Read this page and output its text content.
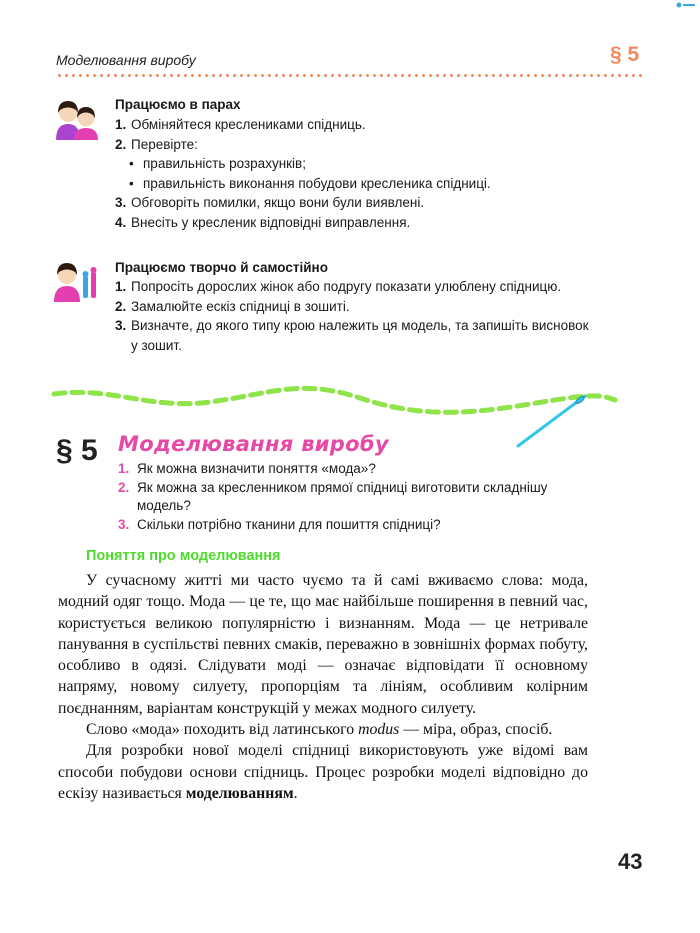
Моделювання виробу	§ 5
Працюємо в парах
1. Обміняйтеся креслениками спідниць.
2. Перевірте:
• правильність розрахунків;
• правильність виконання побудови кресленика спідниці.
3. Обговоріть помилки, якщо вони були виявлені.
4. Внесіть у кресленик відповідні виправлення.
Працюємо творчо й самостійно
1. Попросіть дорослих жінок або подругу показати улюблену спідницю.
2. Замалюйте ескіз спідниці в зошиті.
3. Визначте, до якого типу крою належить ця модель, та запишіть висновок у зошит.
§ 5 Моделювання виробу
1. Як можна визначити поняття «мода»?
2. Як можна за кресленником прямої спідниці виготовити складнішу модель?
3. Скільки потрібно тканини для пошиття спідниці?
Поняття про моделювання

У сучасному житті ми часто чуємо та й самі вживаємо слова: мода, модний одяг тощо. Мода — це те, що має найбільше поширення в певний час, користується великою популярністю і визнанням. Мода — це нетривале панування в суспільстві певних смаків, переважно в зовнішніх формах побуту, особливо в одязі. Слідувати моді — означає відповідати її основному напряму, новому силуету, пропорціям та лініям, особливим колірним поєднанням, варіантам конструкцій у межах модного силуету.

Слово «мода» походить від латинського modus — міра, образ, спосіб.

Для розробки нової моделі спідниці використовують уже відомі вам способи побудови основи спідниць. Процес розробки моделі відповідно до ескізу називається моделюванням.

43
